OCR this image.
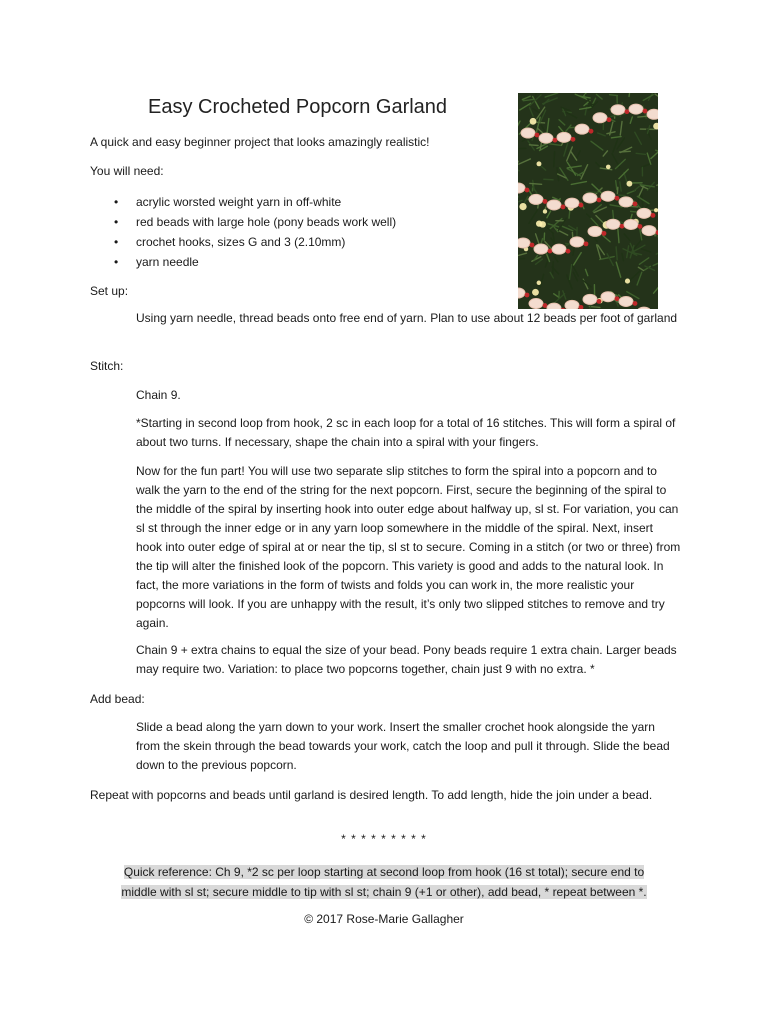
Easy Crocheted Popcorn Garland

A quick and easy beginner project that looks amazingly realistic!

You will need:

• acrylic worsted weight yarn in off-white
• red beads with large hole (pony beads work well)
• crochet hooks, sizes G and 3 (2.10mm)
• yarn needle

Set up:

Using yarn needle, thread beads onto free end of yarn. Plan to use about 12 beads per foot of garland

Stitch:

Chain 9.

*Starting in second loop from hook, 2 sc in each loop for a total of 16 stitches. This will form a spiral of about two turns. If necessary, shape the chain into a spiral with your fingers.

Now for the fun part! You will use two separate slip stitches to form the spiral into a popcorn and to walk the yarn to the end of the string for the next popcorn. First, secure the beginning of the spiral to the middle of the spiral by inserting hook into outer edge about halfway up, sl st. For variation, you can sl st through the inner edge or in any yarn loop somewhere in the middle of the spiral. Next, insert hook into outer edge of spiral at or near the tip, sl st to secure. Coming in a stitch (or two or three) from the tip will alter the finished look of the popcorn. This variety is good and adds to the natural look. In fact, the more variations in the form of twists and folds you can work in, the more realistic your popcorns will look. If you are unhappy with the result, it’s only two slipped stitches to remove and try again.

Chain 9 + extra chains to equal the size of your bead. Pony beads require 1 extra chain. Larger beads may require two. Variation: to place two popcorns together, chain just 9 with no extra. *

Add bead:

Slide a bead along the yarn down to your work. Insert the smaller crochet hook alongside the yarn from the skein through the bead towards your work, catch the loop and pull it through. Slide the bead down to the previous popcorn.

Repeat with popcorns and beads until garland is desired length. To add length, hide the join under a bead.

* * * * * * * * *
Quick reference: Ch 9, *2 sc per loop starting at second loop from hook (16 st total); secure end to
middle with sl st; secure middle to tip with sl st; chain 9 (+1 or other), add bead, * repeat between *.
© 2017 Rose-Marie Gallagher
